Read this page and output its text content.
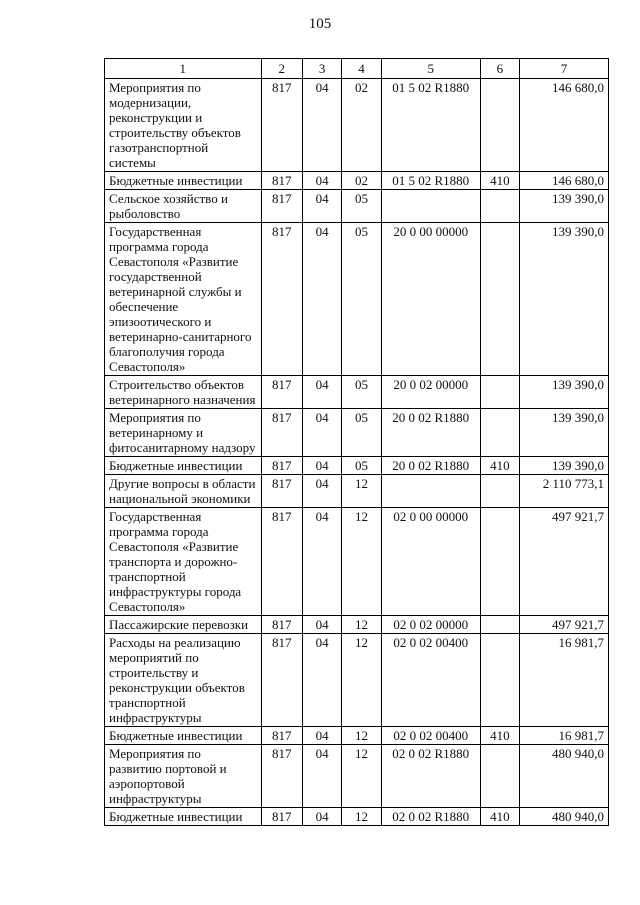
105
1	2	3	4	5	6	7
Мероприятия по модернизации, реконструкции и строительству объектов газотранспортной системы	817	04	02	01 5 02 R1880		146 680,0
Бюджетные инвестиции	817	04	02	01 5 02 R1880	410	146 680,0
Сельское хозяйство и рыболовство	817	04	05			139 390,0
Государственная программа города Севастополя «Развитие государственной ветеринарной службы и обеспечение эпизоотического и ветеринарно-санитарного благополучия города Севастополя»	817	04	05	20 0 00 00000		139 390,0
Строительство объектов ветеринарного назначения	817	04	05	20 0 02 00000		139 390,0
Мероприятия по ветеринарному и фитосанитарному надзору	817	04	05	20 0 02 R1880		139 390,0
Бюджетные инвестиции	817	04	05	20 0 02 R1880	410	139 390,0
Другие вопросы в области национальной экономики	817	04	12			2 110 773,1
Государственная программа города Севастополя «Развитие транспорта и дорожно-транспортной инфраструктуры города Севастополя»	817	04	12	02 0 00 00000		497 921,7
Пассажирские перевозки	817	04	12	02 0 02 00000		497 921,7
Расходы на реализацию мероприятий по строительству и реконструкции объектов транспортной инфраструктуры	817	04	12	02 0 02 00400		16 981,7
Бюджетные инвестиции	817	04	12	02 0 02 00400	410	16 981,7
Мероприятия по развитию портовой и аэропортовой инфраструктуры	817	04	12	02 0 02 R1880		480 940,0
Бюджетные инвестиции	817	04	12	02 0 02 R1880	410	480 940,0
